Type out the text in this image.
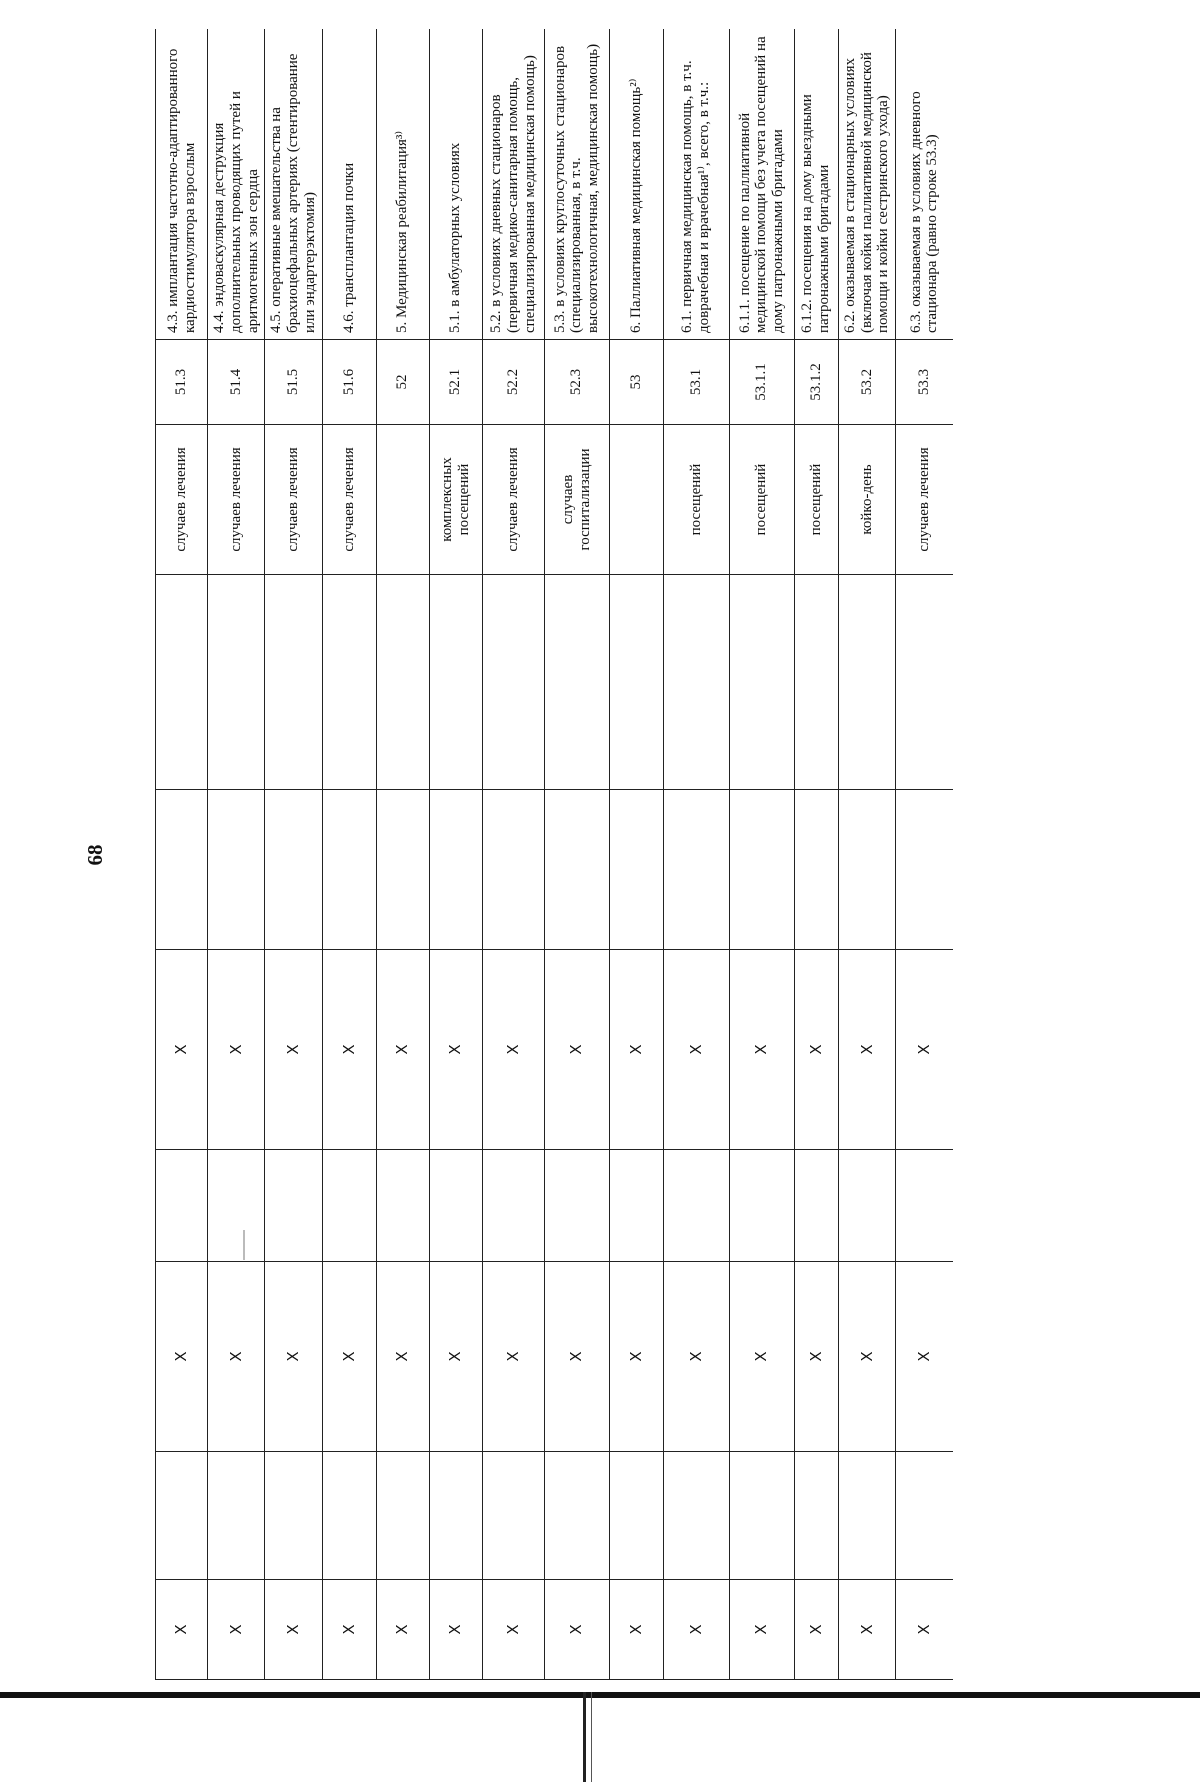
68
Х		Х		Х			случаев лечения	51.3	4.3. имплантация частотно-адаптированного кардиостимулятора взрослым
Х		Х		Х			случаев лечения	51.4	4.4. эндоваскулярная деструкция дополнительных проводящих путей и аритмогенных зон сердца
Х		Х		Х			случаев лечения	51.5	4.5. оперативные вмешательства на брахиоцефальных артериях (стентирование или эндартерэктомия)
Х		Х		Х			случаев лечения	51.6	4.6. трансплантация почки
Х		Х		Х				52	5. Медицинская реабилитация³⁾
Х		Х		Х			комплексных посещений	52.1	5.1. в амбулаторных условиях
Х		Х		Х			случаев лечения	52.2	5.2. в условиях дневных стационаров (первичная медико-санитарная помощь, специализированная медицинская помощь)
Х		Х		Х			случаев госпитализации	52.3	5.3. в условиях круглосуточных стационаров (специализированная, в т.ч. высокотехнологичная, медицинская помощь)
Х		Х		Х				53	6. Паллиативная медицинская помощь²⁾
Х		Х		Х			посещений	53.1	6.1. первичная медицинская помощь, в т.ч. доврачебная и врачебная¹⁾, всего, в т.ч.:
Х		Х		Х			посещений	53.1.1	6.1.1. посещение по паллиативной медицинской помощи без учета посещений на дому патронажными бригадами
Х		Х		Х			посещений	53.1.2	6.1.2. посещения на дому выездными патронажными бригадами
Х		Х		Х			койко-день	53.2	6.2. оказываемая в стационарных условиях (включая койки паллиативной медицинской помощи и койки сестринского ухода)
Х		Х		Х			случаев лечения	53.3	6.3. оказываемая в условиях дневного стационара (равно строке 53.3)
